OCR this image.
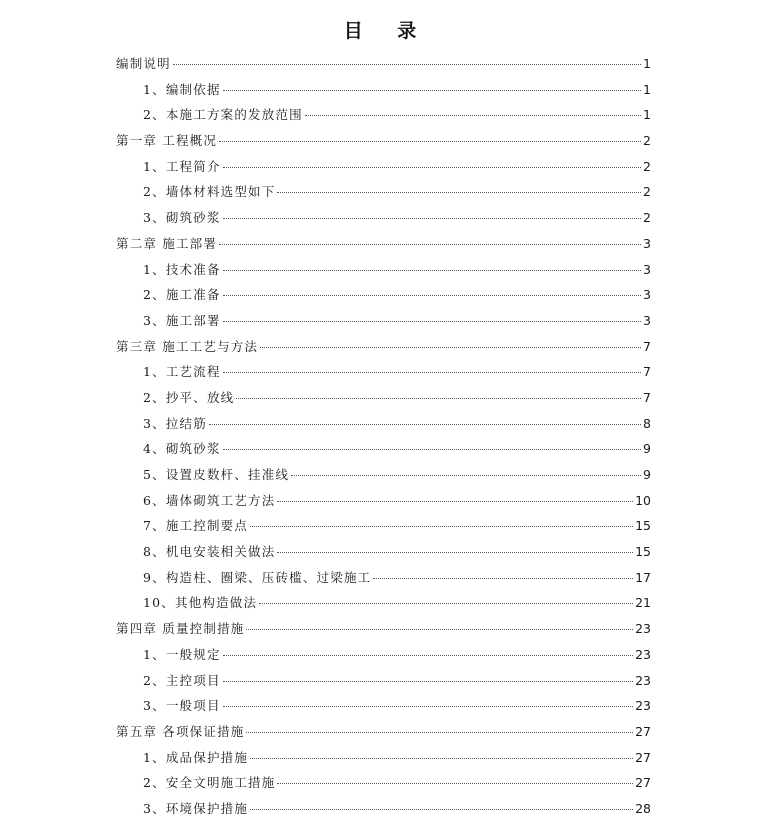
目 录
编制说明	1
1、编制依据	1
2、本施工方案的发放范围	1
第一章 工程概况	2
1、工程简介	2
2、墙体材料选型如下	2
3、砌筑砂浆	2
第二章 施工部署	3
1、技术准备	3
2、施工准备	3
3、施工部署	3
第三章 施工工艺与方法	7
1、工艺流程	7
2、抄平、放线	7
3、拉结筋	8
4、砌筑砂浆	9
5、设置皮数杆、挂准线	9
6、墙体砌筑工艺方法	10
7、施工控制要点	15
8、机电安装相关做法	15
9、构造柱、圈梁、压砖槛、过梁施工	17
10、其他构造做法	21
第四章 质量控制措施	23
1、一般规定	23
2、主控项目	23
3、一般项目	23
第五章 各项保证措施	27
1、成品保护措施	27
2、安全文明施工措施	27
3、环境保护措施	28
